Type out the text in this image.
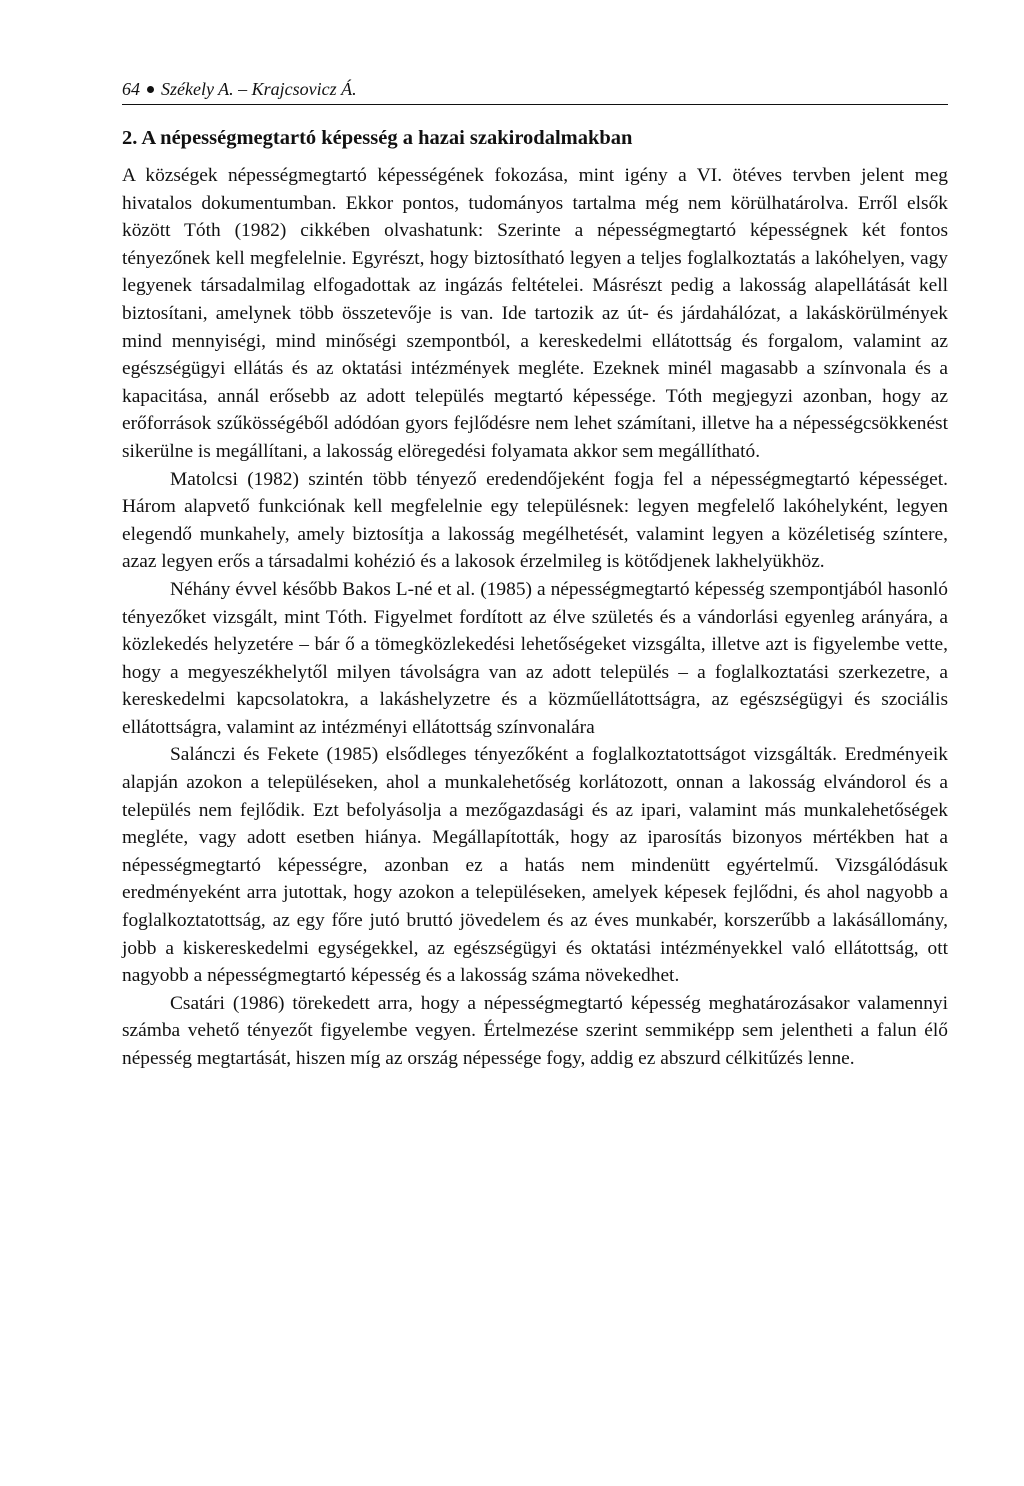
64 Székely A. – Krajcsovicz Á.
2. A népességmegtartó képesség a hazai szakirodalmakban

A községek népességmegtartó képességének fokozása, mint igény a VI. ötéves tervben jelent meg hivatalos dokumentumban. Ekkor pontos, tudományos tartalma még nem körülhatárolva. Erről elsők között Tóth (1982) cikkében olvashatunk: Szerinte a népességmegtartó képességnek két fontos tényezőnek kell megfelelnie. Egyrészt, hogy biztosítható legyen a teljes foglalkoztatás a lakóhelyen, vagy legyenek társadalmilag elfogadottak az ingázás feltételei. Másrészt pedig a lakosság alapellátását kell biztosítani, amelynek több összetevője is van. Ide tartozik az út- és járdahálózat, a lakáskörülmények mind mennyiségi, mind minőségi szempontból, a kereskedelmi ellátottság és forgalom, valamint az egészségügyi ellátás és az oktatási intézmények megléte. Ezeknek minél magasabb a színvonala és a kapacitása, annál erősebb az adott település megtartó képessége. Tóth megjegyzi azonban, hogy az erőforrások szűkösségéből adódóan gyors fejlődésre nem lehet számítani, illetve ha a népességcsökkenést sikerülne is megállítani, a lakosság elöregedési folyamata akkor sem megállítható.

Matolcsi (1982) szintén több tényező eredendőjeként fogja fel a népességmegtartó képességet. Három alapvető funkciónak kell megfelelnie egy településnek: legyen megfelelő lakóhelyként, legyen elegendő munkahely, amely biztosítja a lakosság megélhetését, valamint legyen a közéletiség színtere, azaz legyen erős a társadalmi kohézió és a lakosok érzelmileg is kötődjenek lakhelyükhöz.

Néhány évvel később Bakos L-né et al. (1985) a népességmegtartó képesség szempontjából hasonló tényezőket vizsgált, mint Tóth. Figyelmet fordított az élve születés és a vándorlási egyenleg arányára, a közlekedés helyzetére – bár ő a tömegközlekedési lehetőségeket vizsgálta, illetve azt is figyelembe vette, hogy a megyeszékhelytől milyen távolságra van az adott település – a foglalkoztatási szerkezetre, a kereskedelmi kapcsolatokra, a lakáshelyzetre és a közműellátottságra, az egészségügyi és szociális ellátottságra, valamint az intézményi ellátottság színvonalára

Salánczi és Fekete (1985) elsődleges tényezőként a foglalkoztatottságot vizsgálták. Eredményeik alapján azokon a településeken, ahol a munkalehetőség korlátozott, onnan a lakosság elvándorol és a település nem fejlődik. Ezt befolyásolja a mezőgazdasági és az ipari, valamint más munkalehetőségek megléte, vagy adott esetben hiánya. Megállapították, hogy az iparosítás bizonyos mértékben hat a népességmegtartó képességre, azonban ez a hatás nem mindenütt egyértelmű. Vizsgálódásuk eredményeként arra jutottak, hogy azokon a településeken, amelyek képesek fejlődni, és ahol nagyobb a foglalkoztatottság, az egy főre jutó bruttó jövedelem és az éves munkabér, korszerűbb a lakásállomány, jobb a kiskereskedelmi egységekkel, az egészségügyi és oktatási intézményekkel való ellátottság, ott nagyobb a népességmegtartó képesség és a lakosság száma növekedhet.

Csatári (1986) törekedett arra, hogy a népességmegtartó képesség meghatározásakor valamennyi számba vehető tényezőt figyelembe vegyen. Értelmezése szerint semmiképp sem jelentheti a falun élő népesség megtartását, hiszen míg az ország népessége fogy, addig ez abszurd célkitűzés lenne.
